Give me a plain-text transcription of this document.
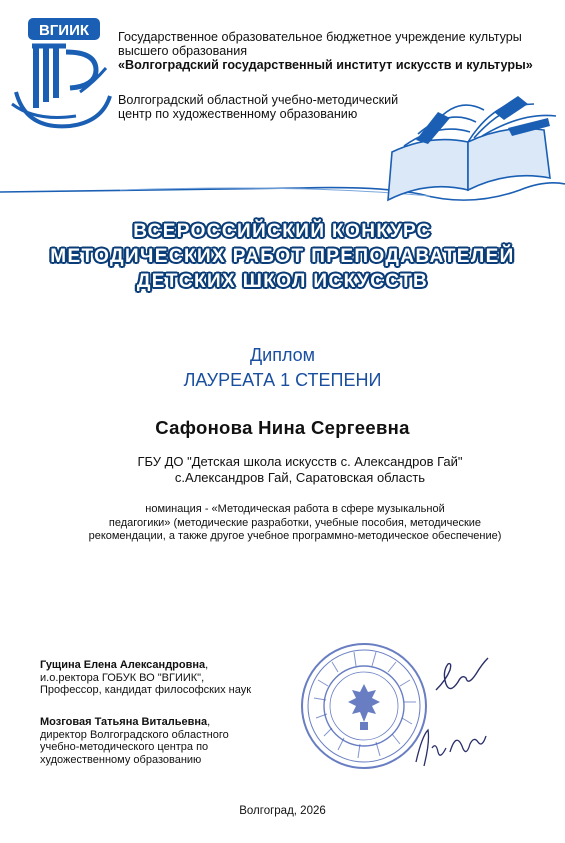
ВГИИК Государственное образовательное бюджетное учреждение культуры
высшего образования
«Волгоградский государственный институт искусств и культуры»
Волгоградский областной учебно-методический
центр по художественному образованию
ВСЕРОССИЙСКИЙ КОНКУРС
МЕТОДИЧЕСКИХ РАБОТ ПРЕПОДАВАТЕЛЕЙ
ДЕТСКИХ ШКОЛ ИСКУССТВ
Диплом
ЛАУРЕАТА 1 СТЕПЕНИ
Сафонова Нина Сергеевна
ГБУ ДО "Детская школа искусств с. Александров Гай"
с.Александров Гай, Саратовская область
номинация - «Методическая работа в сфере музыкальной
педагогики» (методические разработки, учебные пособия, методические
рекомендации, а также другое учебное программно-методическое обеспечение)
Гущина Елена Александровна,
и.о.ректора ГОБУК ВО "ВГИИК",
Профессор, кандидат философских наук
Мозговая Татьяна Витальевна,
директор Волгоградского областного
учебно-методического центра по
художественному образованию
Волгоград, 2026
